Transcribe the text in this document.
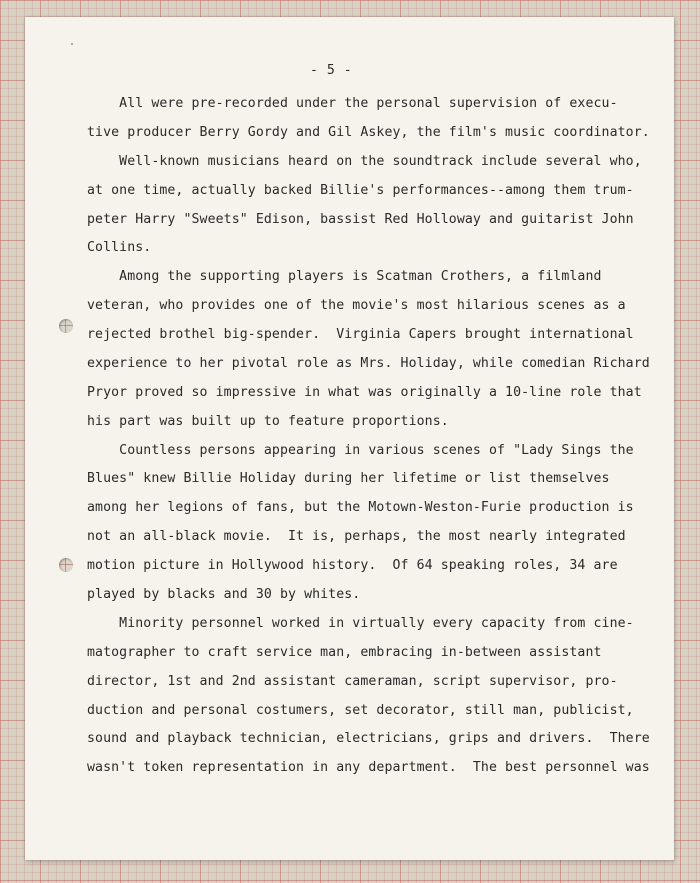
- 5 -
All were pre-recorded under the personal supervision of execu-
tive producer Berry Gordy and Gil Askey, the film's music coordinator.
Well-known musicians heard on the soundtrack include several who,
at one time, actually backed Billie's performances--among them trum-
peter Harry "Sweets" Edison, bassist Red Holloway and guitarist John
Collins.
Among the supporting players is Scatman Crothers, a filmland
veteran, who provides one of the movie's most hilarious scenes as a
rejected brothel big-spender.  Virginia Capers brought international
experience to her pivotal role as Mrs. Holiday, while comedian Richard
Pryor proved so impressive in what was originally a 10-line role that
his part was built up to feature proportions.
Countless persons appearing in various scenes of "Lady Sings the
Blues" knew Billie Holiday during her lifetime or list themselves
among her legions of fans, but the Motown-Weston-Furie production is
not an all-black movie.  It is, perhaps, the most nearly integrated
motion picture in Hollywood history.  Of 64 speaking roles, 34 are
played by blacks and 30 by whites.
Minority personnel worked in virtually every capacity from cine-
matographer to craft service man, embracing in-between assistant
director, 1st and 2nd assistant cameraman, script supervisor, pro-
duction and personal costumers, set decorator, still man, publicist,
sound and playback technician, electricians, grips and drivers.  There
wasn't token representation in any department.  The best personnel was
